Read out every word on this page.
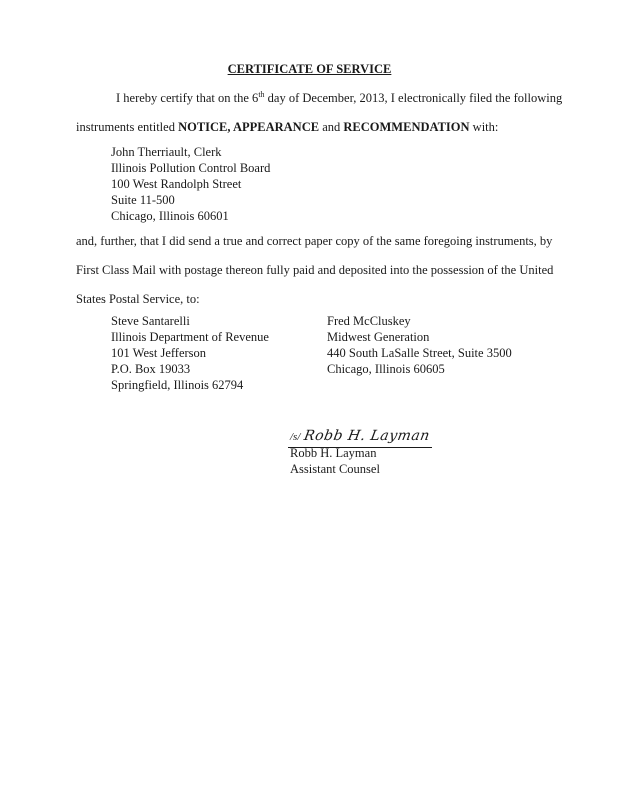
CERTIFICATE OF SERVICE
I hereby certify that on the 6th day of December, 2013, I electronically filed the following
instruments entitled NOTICE, APPEARANCE and RECOMMENDATION with:
John Therriault, Clerk
Illinois Pollution Control Board
100 West Randolph Street
Suite 11-500
Chicago, Illinois 60601
and, further, that I did send a true and correct paper copy of the same foregoing instruments, by
First Class Mail with postage thereon fully paid and deposited into the possession of the United
States Postal Service, to:
Steve Santarelli
Illinois Department of Revenue
101 West Jefferson
P.O. Box 19033
Springfield, Illinois 62794
Fred McCluskey
Midwest Generation
440 South LaSalle Street, Suite 3500
Chicago, Illinois 60605
/s/ Robb H. Layman
Robb H. Layman
Assistant Counsel
